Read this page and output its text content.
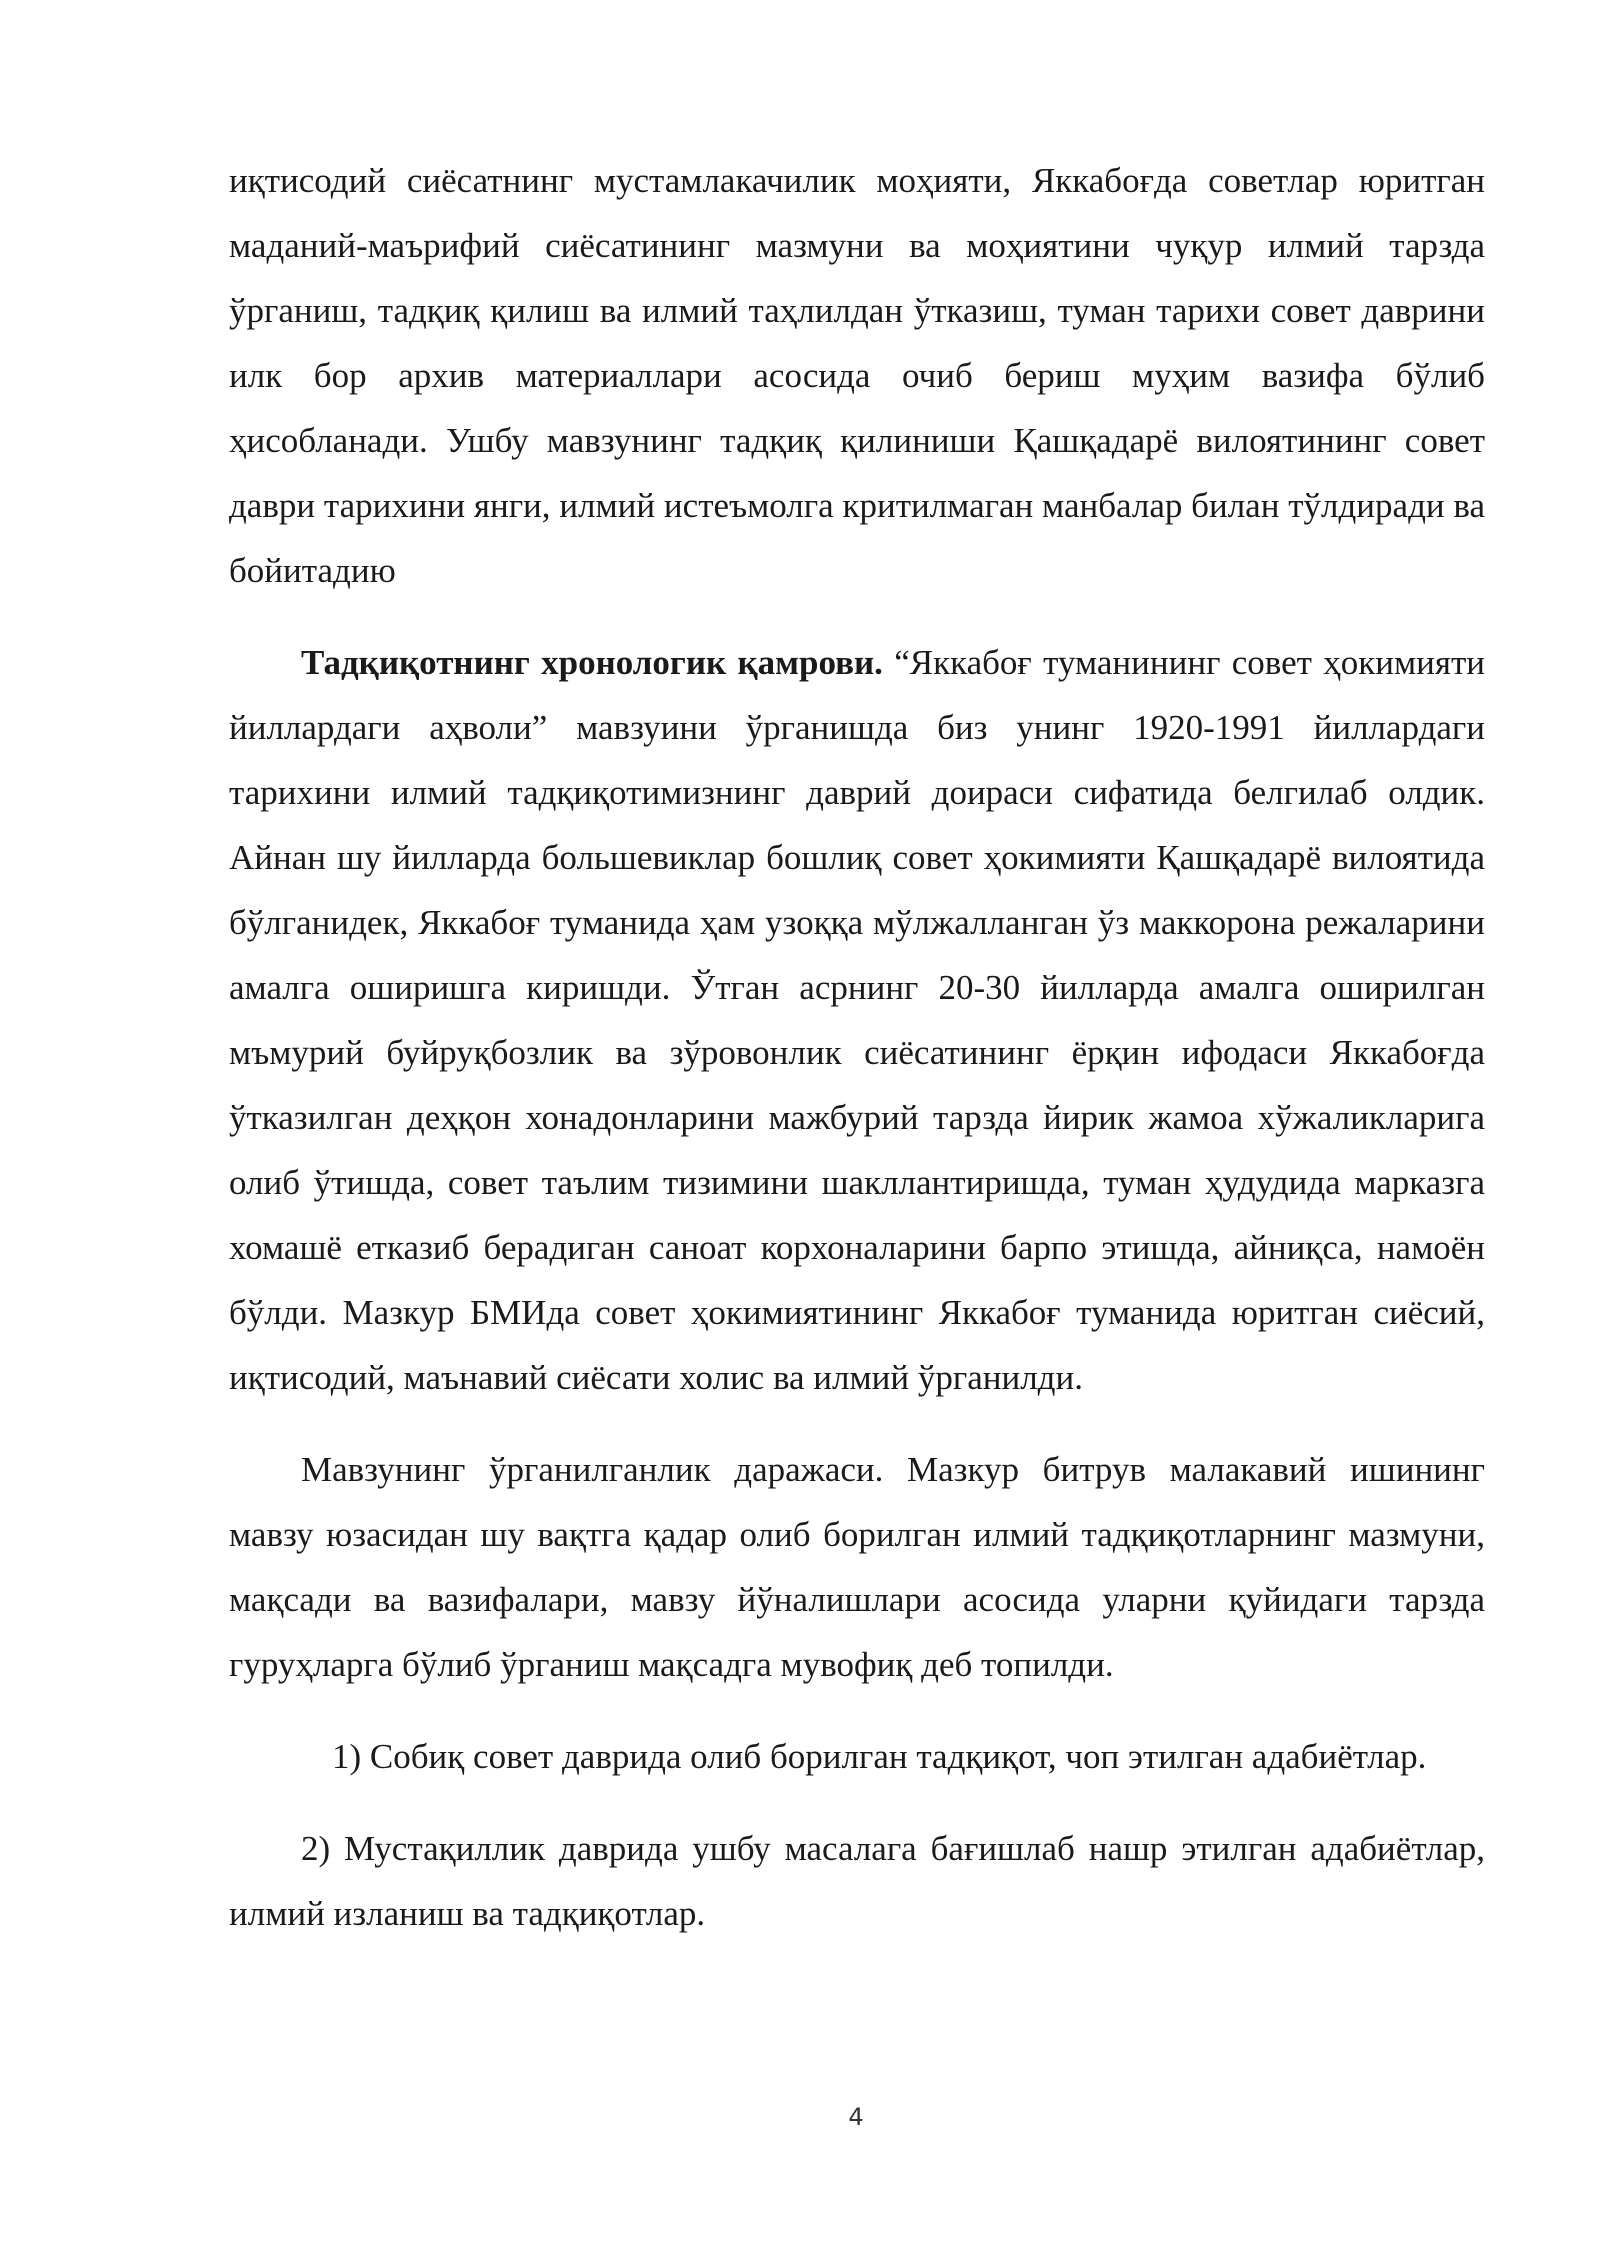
иқтисодий сиёсатнинг мустамлакачилик моҳияти, Яккабоғда советлар юритган маданий-маърифий сиёсатининг мазмуни ва моҳиятини чуқур илмий тарзда ўрганиш, тадқиқ қилиш ва илмий таҳлилдан ўтказиш, туман тарихи совет даврини илк бор архив материаллари асосида очиб бериш муҳим вазифа бўлиб ҳисобланади. Ушбу мавзунинг тадқиқ қилиниши Қашқадарё вилоятининг совет даври тарихини янги, илмий истеъмолга критилмаган манбалар билан тўлдиради ва бойитадию

Тадқиқотнинг хронологик қамрови. “Яккабоғ туманининг совет ҳокимияти йиллардаги аҳволи” мавзуини ўрганишда биз унинг 1920-1991 йиллардаги тарихини илмий тадқиқотимизнинг даврий доираси сифатида белгилаб олдик. Айнан шу йилларда большевиклар бошлиқ совет ҳокимияти Қашқадарё вилоятида бўлганидек, Яккабоғ туманида ҳам узоққа мўлжалланган ўз маккорона режаларини амалга оширишга киришди. Ўтган асрнинг 20-30 йилларда амалга оширилган мъмурий буйруқбозлик ва зўровонлик сиёсатининг ёрқин ифодаси Яккабоғда ўтказилган деҳқон хонадонларини мажбурий тарзда йирик жамоа хўжаликларига олиб ўтишда, совет таълим тизимини шакллантиришда, туман ҳудудида марказга хомашё етказиб берадиган саноат корхоналарини барпо этишда, айниқса, намоён бўлди. Мазкур БМИда совет ҳокимиятининг Яккабоғ туманида юритган сиёсий, иқтисодий, маънавий сиёсати холис ва илмий ўрганилди.

Мавзунинг ўрганилганлик даражаси. Мазкур битрув малакавий ишининг мавзу юзасидан шу вақтга қадар олиб борилган илмий тадқиқотларнинг мазмуни, мақсади ва вазифалари, мавзу йўналишлари асосида уларни қуйидаги тарзда гуруҳларга бўлиб ўрганиш мақсадга мувофиқ деб топилди.

1) Собиқ совет даврида олиб борилган тадқиқот, чоп этилган адабиётлар.

2) Мустақиллик даврида ушбу масалага бағишлаб нашр этилган адабиётлар, илмий изланиш ва тадқиқотлар.

4
